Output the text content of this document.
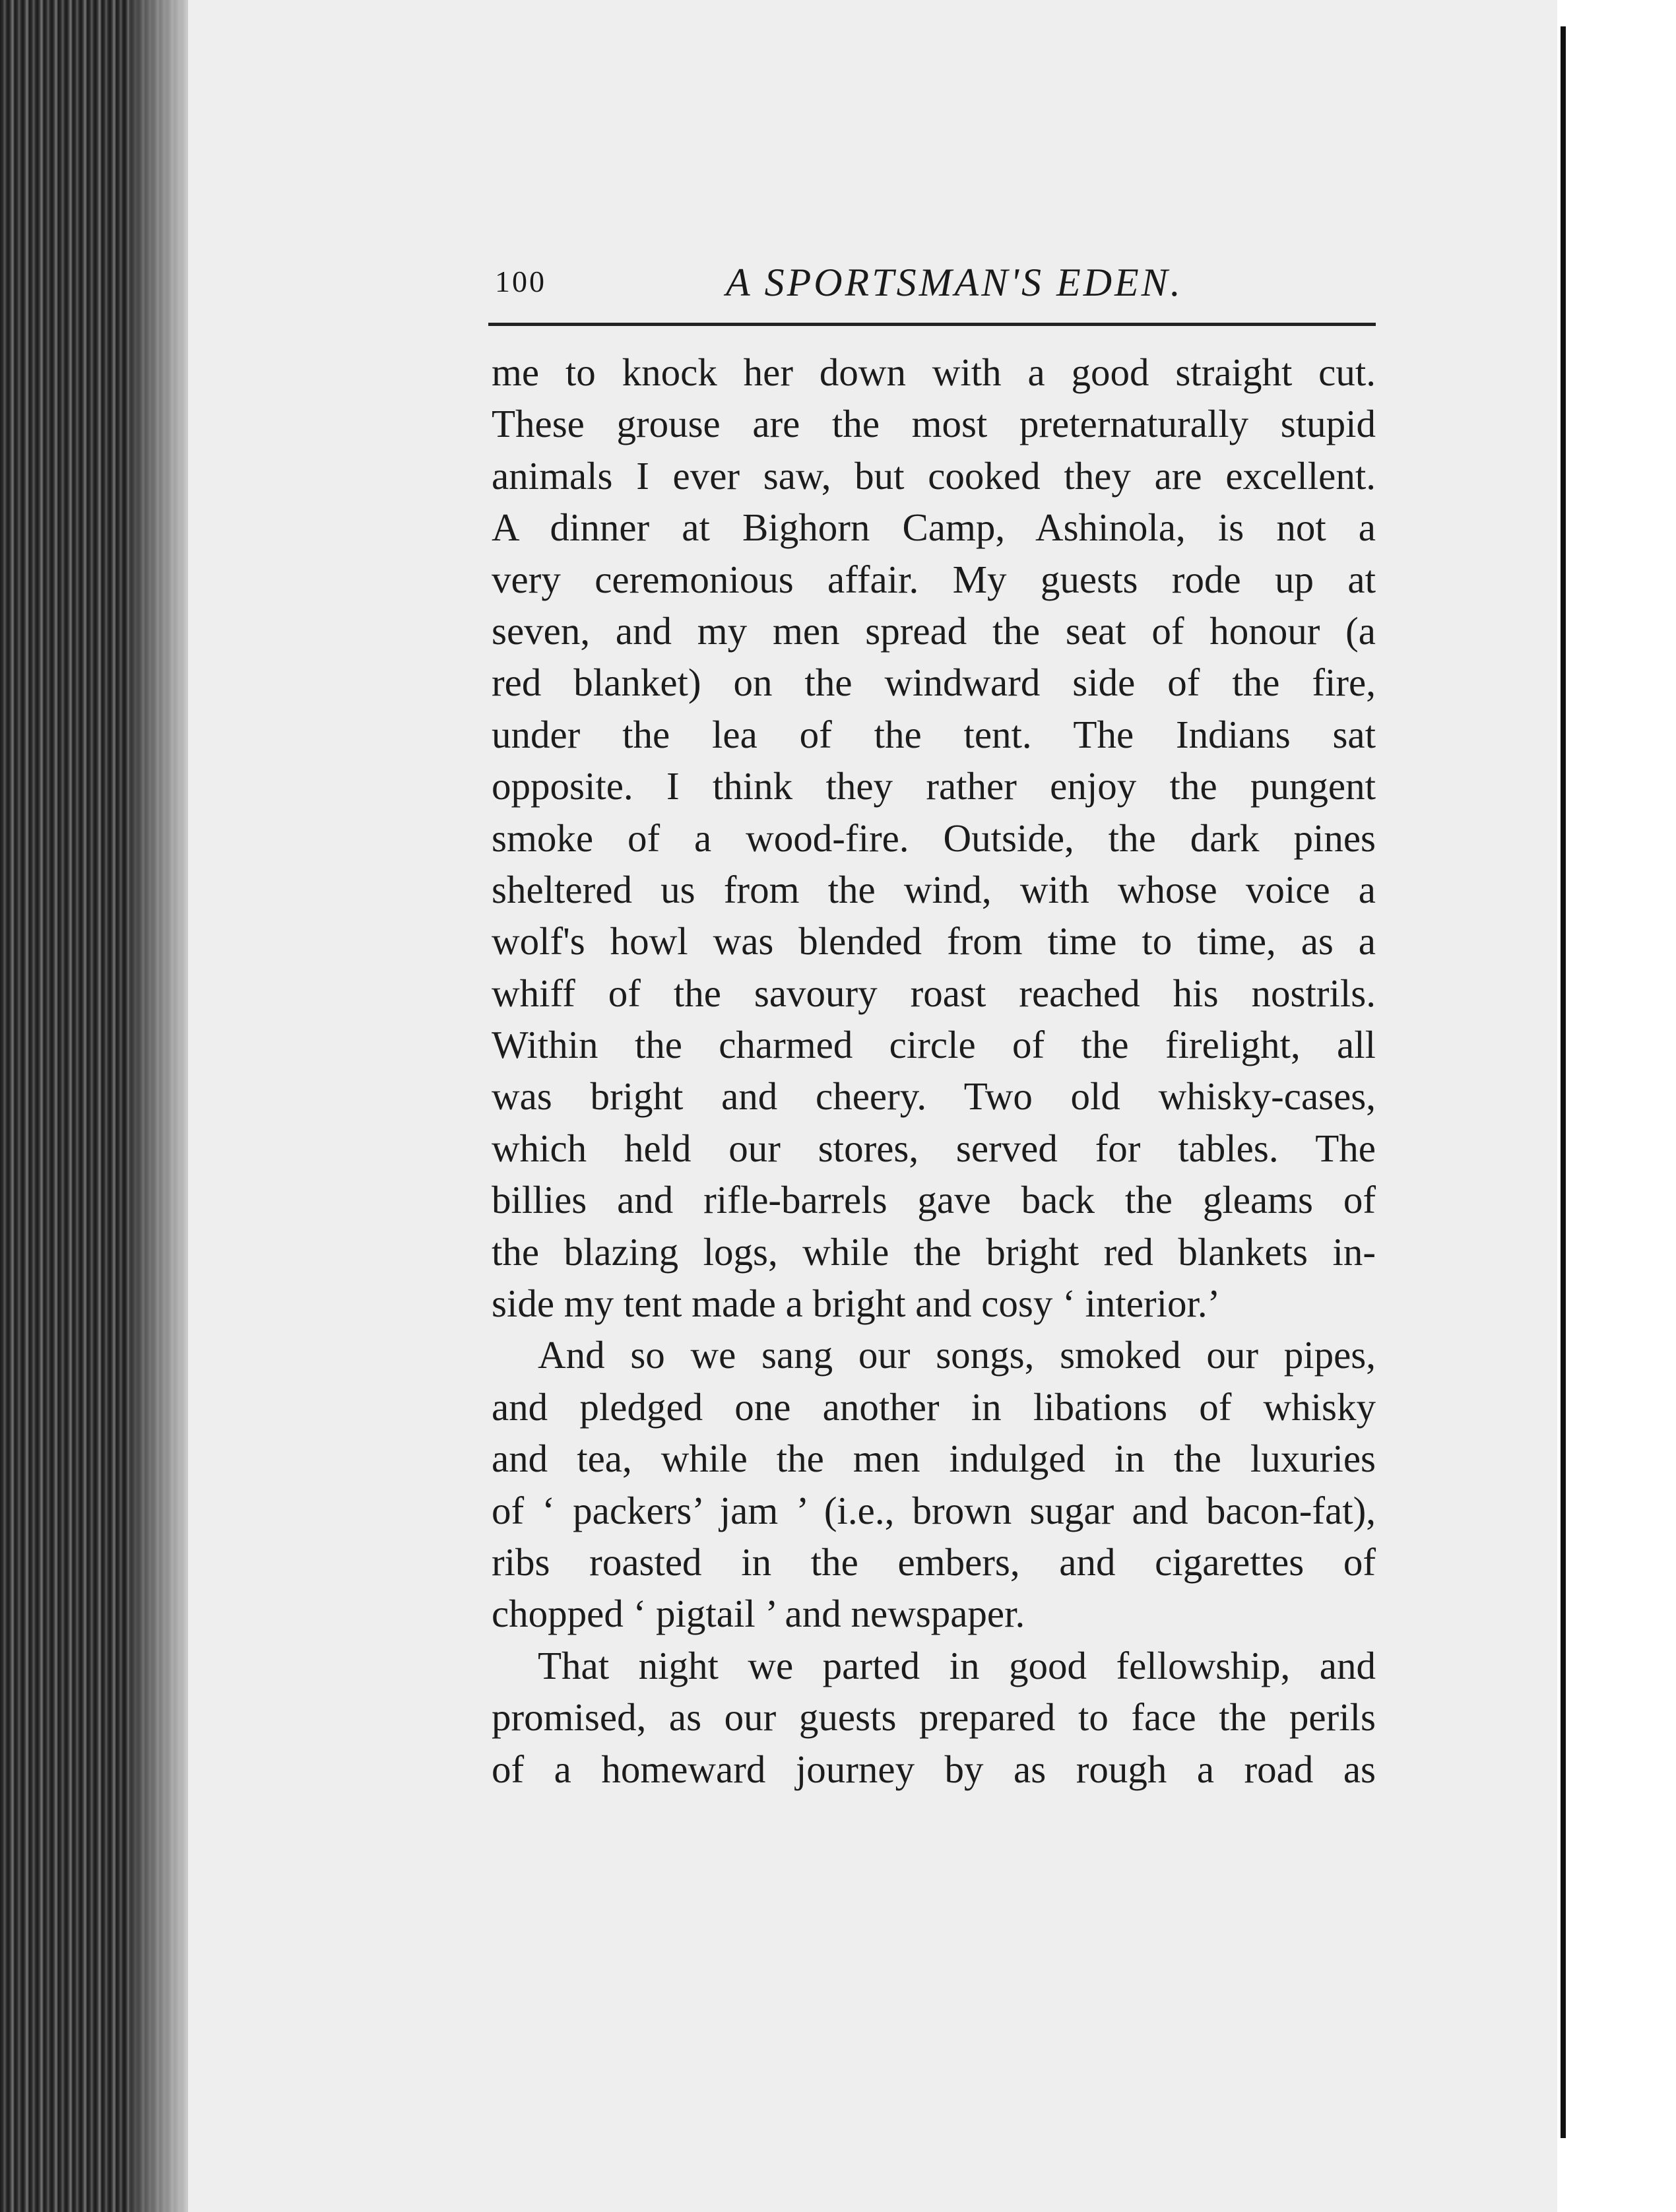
100	A SPORTSMAN'S EDEN.
me to knock her down with a good straight cut.
These grouse are the most preternaturally stupid
animals I ever saw, but cooked they are excellent.
A dinner at Bighorn Camp, Ashinola, is not a
very ceremonious affair. My guests rode up at
seven, and my men spread the seat of honour (a
red blanket) on the windward side of the fire,
under the lea of the tent. The Indians sat
opposite. I think they rather enjoy the pungent
smoke of a wood-fire. Outside, the dark pines
sheltered us from the wind, with whose voice a
wolf's howl was blended from time to time, as a
whiff of the savoury roast reached his nostrils.
Within the charmed circle of the firelight, all
was bright and cheery. Two old whisky-cases,
which held our stores, served for tables. The
billies and rifle-barrels gave back the gleams of
the blazing logs, while the bright red blankets in-
side my tent made a bright and cosy ‘ interior.’
And so we sang our songs, smoked our pipes,
and pledged one another in libations of whisky
and tea, while the men indulged in the luxuries
of ‘ packers’ jam ’ (i.e., brown sugar and bacon-fat),
ribs roasted in the embers, and cigarettes of
chopped ‘ pigtail ’ and newspaper.
That night we parted in good fellowship, and
promised, as our guests prepared to face the perils
of a homeward journey by as rough a road as
